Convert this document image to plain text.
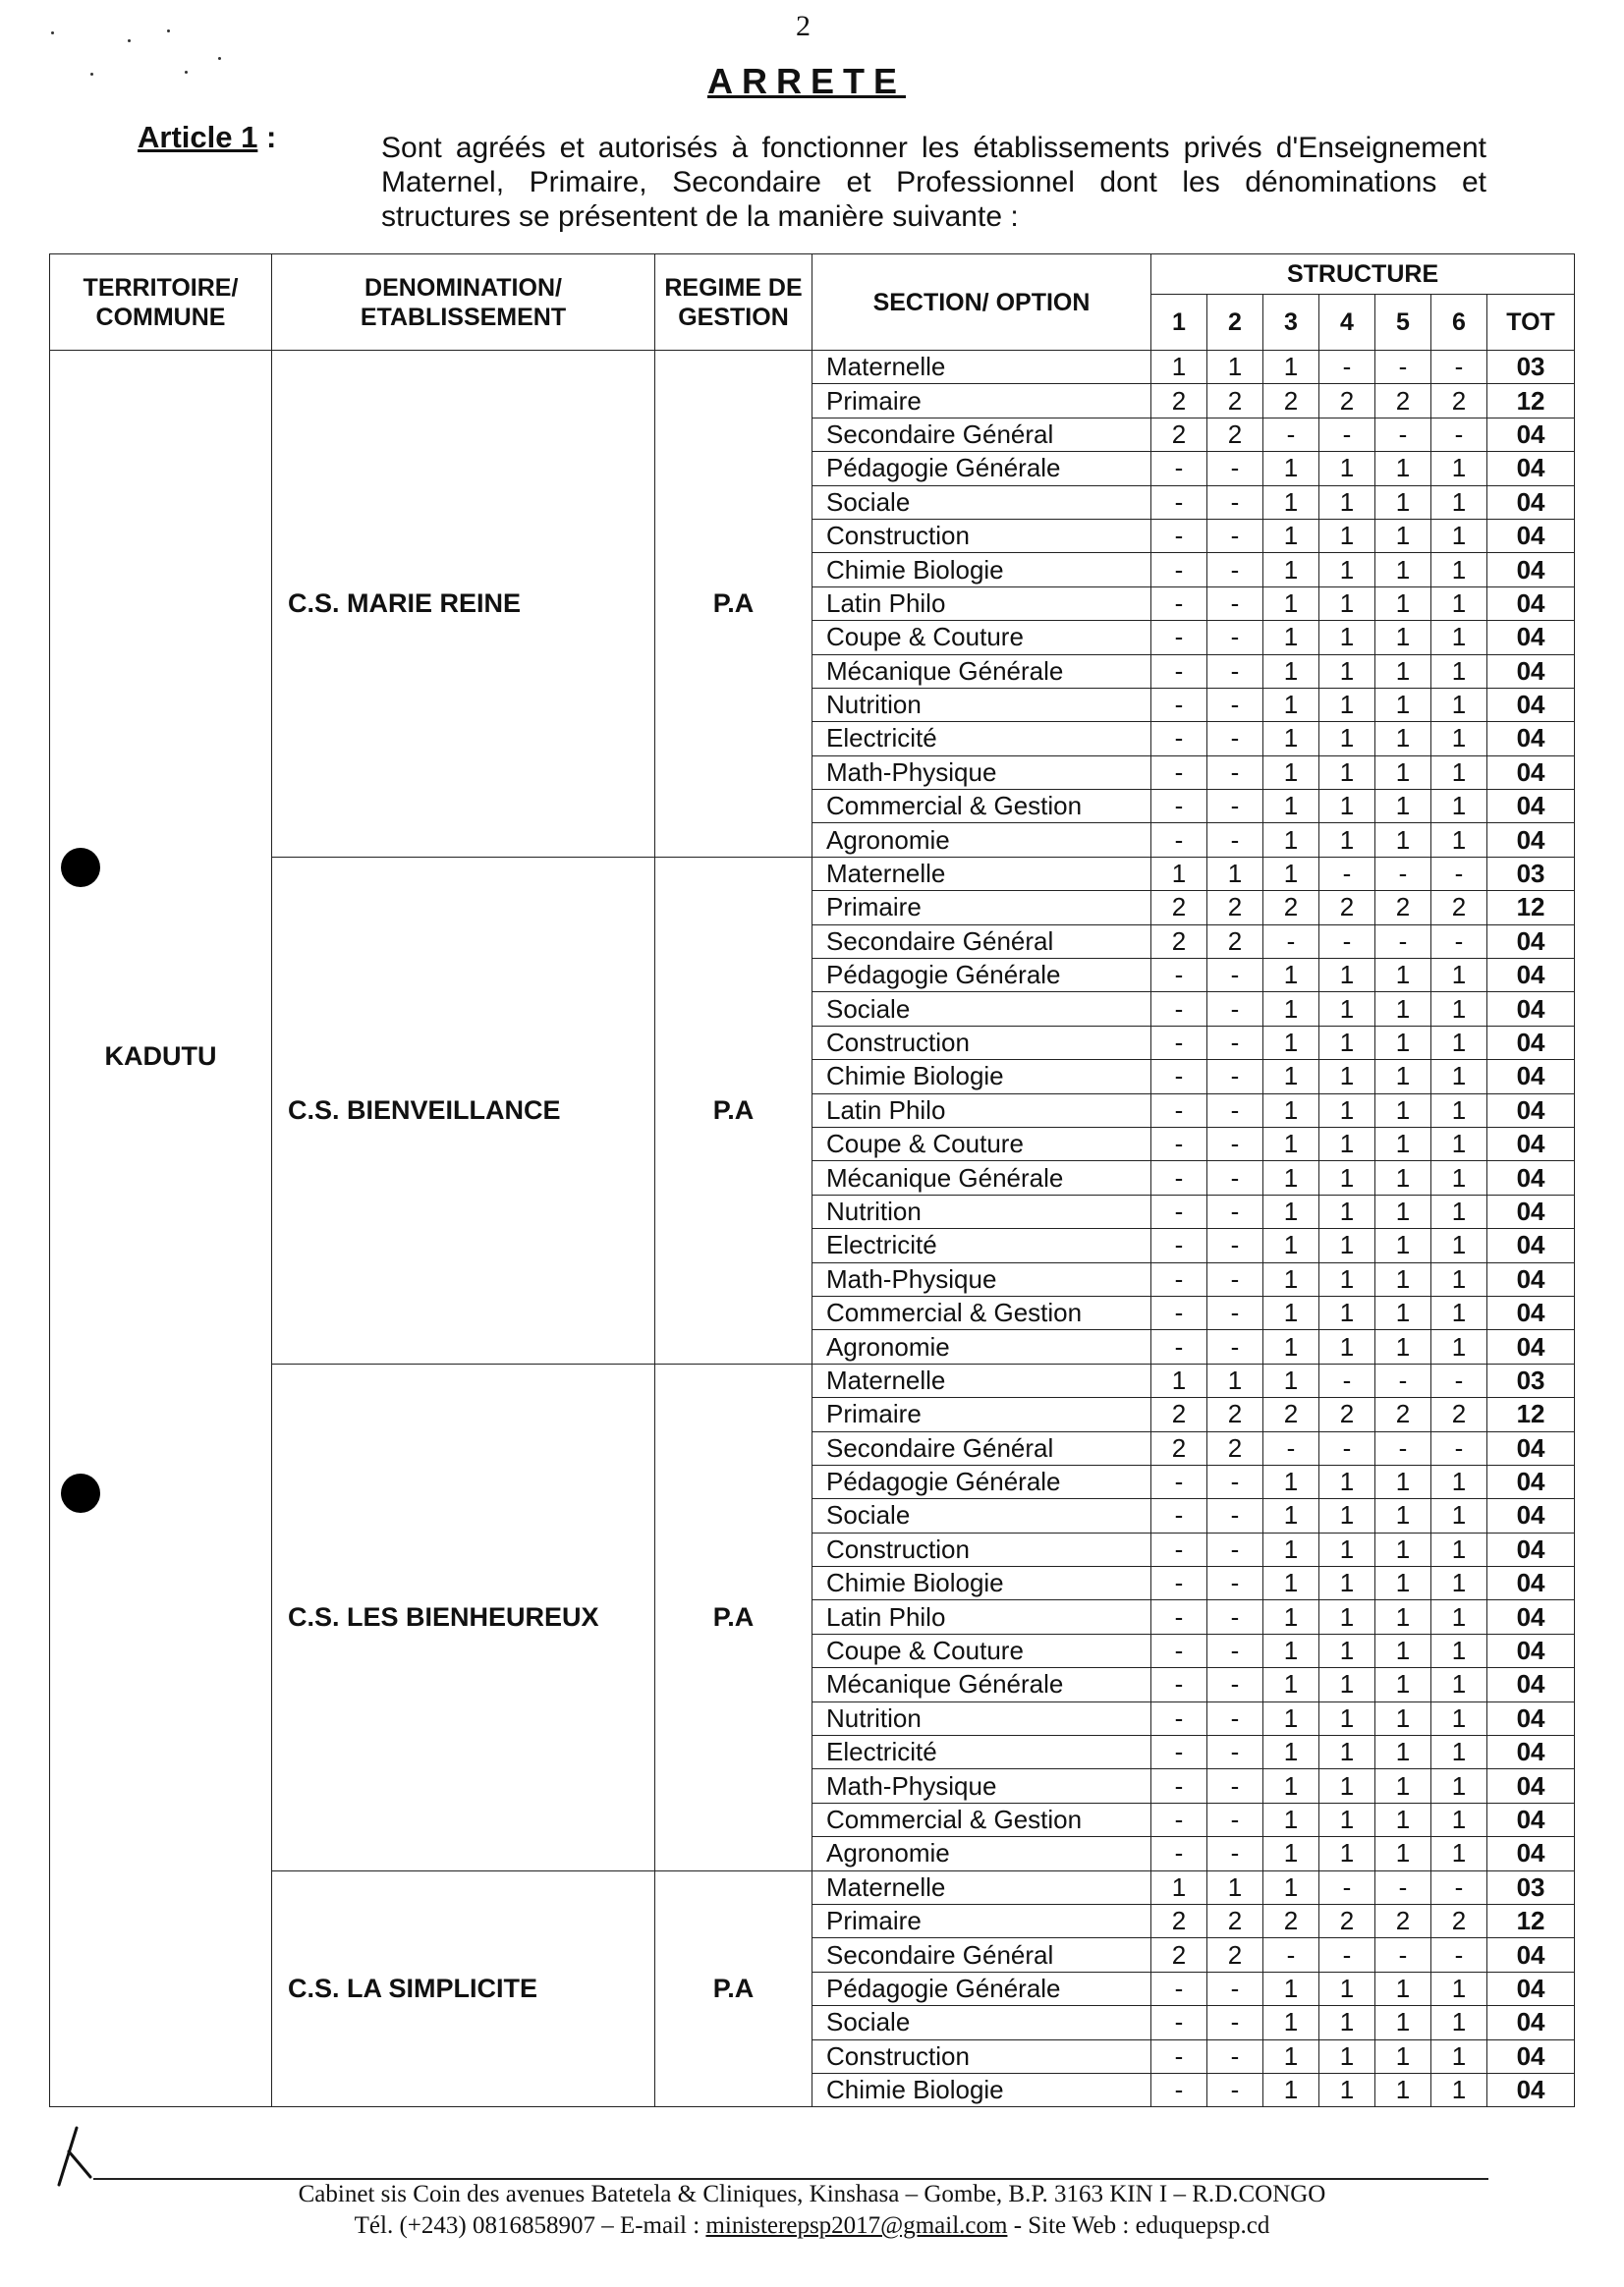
2
ARRETE
Article 1 :	Sont agréés et autorisés à fonctionner les établissements privés d'Enseignement Maternel, Primaire, Secondaire et Professionnel dont les dénominations et structures se présentent de la manière suivante :
TERRITOIRE/ COMMUNE	DENOMINATION/ ETABLISSEMENT	REGIME DE GESTION	SECTION/ OPTION	STRUCTURE						
				1	2	3	4	5	6	TOT

KADUTU	C.S. MARIE REINE	P.A	Maternelle	1	1	1	-	-	-	03
			Primaire	2	2	2	2	2	2	12
			Secondaire Général	2	2	-	-	-	-	04
			Pédagogie Générale	-	-	1	1	1	1	04
			Sociale	-	-	1	1	1	1	04
			Construction	-	-	1	1	1	1	04
			Chimie Biologie	-	-	1	1	1	1	04
			Latin Philo	-	-	1	1	1	1	04
			Coupe & Couture	-	-	1	1	1	1	04
			Mécanique Générale	-	-	1	1	1	1	04
			Nutrition	-	-	1	1	1	1	04
			Electricité	-	-	1	1	1	1	04
			Math-Physique	-	-	1	1	1	1	04
			Commercial & Gestion	-	-	1	1	1	1	04
			Agronomie	-	-	1	1	1	1	04
	C.S. BIENVEILLANCE	P.A	Maternelle	1	1	1	-	-	-	03
			Primaire	2	2	2	2	2	2	12
			Secondaire Général	2	2	-	-	-	-	04
			Pédagogie Générale	-	-	1	1	1	1	04
			Sociale	-	-	1	1	1	1	04
			Construction	-	-	1	1	1	1	04
			Chimie Biologie	-	-	1	1	1	1	04
			Latin Philo	-	-	1	1	1	1	04
			Coupe & Couture	-	-	1	1	1	1	04
			Mécanique Générale	-	-	1	1	1	1	04
			Nutrition	-	-	1	1	1	1	04
			Electricité	-	-	1	1	1	1	04
			Math-Physique	-	-	1	1	1	1	04
			Commercial & Gestion	-	-	1	1	1	1	04
			Agronomie	-	-	1	1	1	1	04
	C.S. LES BIENHEUREUX	P.A	Maternelle	1	1	1	-	-	-	03
			Primaire	2	2	2	2	2	2	12
			Secondaire Général	2	2	-	-	-	-	04
			Pédagogie Générale	-	-	1	1	1	1	04
			Sociale	-	-	1	1	1	1	04
			Construction	-	-	1	1	1	1	04
			Chimie Biologie	-	-	1	1	1	1	04
			Latin Philo	-	-	1	1	1	1	04
			Coupe & Couture	-	-	1	1	1	1	04
			Mécanique Générale	-	-	1	1	1	1	04
			Nutrition	-	-	1	1	1	1	04
			Electricité	-	-	1	1	1	1	04
			Math-Physique	-	-	1	1	1	1	04
			Commercial & Gestion	-	-	1	1	1	1	04
			Agronomie	-	-	1	1	1	1	04
	C.S. LA SIMPLICITE	P.A	Maternelle	1	1	1	-	-	-	03
			Primaire	2	2	2	2	2	2	12
			Secondaire Général	2	2	-	-	-	-	04
			Pédagogie Générale	-	-	1	1	1	1	04
			Sociale	-	-	1	1	1	1	04
			Construction	-	-	1	1	1	1	04
			Chimie Biologie	-	-	1	1	1	1	04
Cabinet sis Coin des avenues Batetela & Cliniques, Kinshasa – Gombe, B.P. 3163 KIN I – R.D.CONGO
Tél. (+243) 0816858907 – E-mail : ministerepsp2017@gmail.com - Site Web : eduquepsp.cd
